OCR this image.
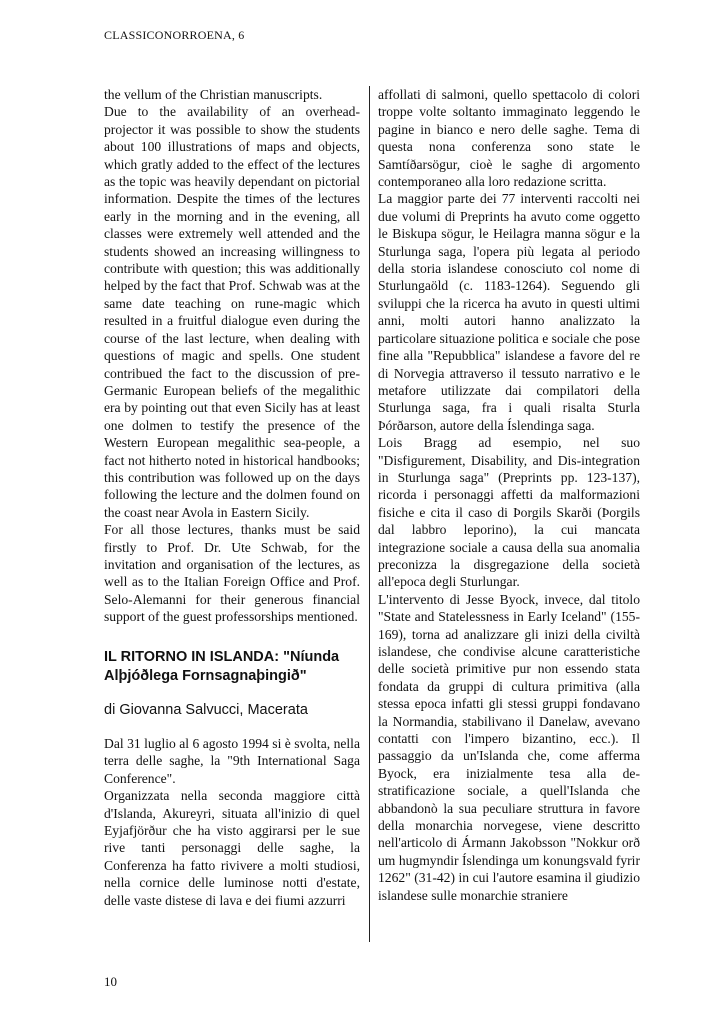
CLASSICONORROENA, 6

the vellum of the Christian manuscripts.

Due to the availability of an overhead-projector it was possible to show the students about 100 illustrations of maps and objects, which gratly added to the effect of the lectures as the topic was heavily dependant on pictorial information. Despite the times of the lectures early in the morning and in the evening, all classes were extremely well attended and the students showed an increasing willingness to contribute with question; this was additionally helped by the fact that Prof. Schwab was at the same date teaching on rune-magic which resulted in a fruitful dialogue even during the course of the last lecture, when dealing with questions of magic and spells. One student contribued the fact to the discussion of pre-Germanic European beliefs of the megalithic era by pointing out that even Sicily has at least one dolmen to testify the presence of the Western European megalithic sea-people, a fact not hitherto noted in historical handbooks; this contribution was followed up on the days following the lecture and the dolmen found on the coast near Avola in Eastern Sicily.

For all those lectures, thanks must be said firstly to Prof. Dr. Ute Schwab, for the invitation and organisation of the lectures, as well as to the Italian Foreign Office and Prof. Selo-Alemanni for their generous financial support of the guest professorships mentioned.

IL RITORNO IN ISLANDA: "Níunda Alþjóðlega Fornsagnaþingið"

di Giovanna Salvucci, Macerata

Dal 31 luglio al 6 agosto 1994 si è svolta, nella terra delle saghe, la "9th International Saga Conference".

Organizzata nella seconda maggiore città d'Islanda, Akureyri, situata all'inizio di quel Eyjafjörður che ha visto aggirarsi per le sue rive tanti personaggi delle saghe, la Conferenza ha fatto rivivere a molti studiosi, nella cornice delle luminose notti d'estate, delle vaste distese di lava e dei fiumi azzurri

affollati di salmoni, quello spettacolo di colori troppe volte soltanto immaginato leggendo le pagine in bianco e nero delle saghe. Tema di questa nona conferenza sono state le Samtíðarsögur, cioè le saghe di argomento contemporaneo alla loro redazione scritta.

La maggior parte dei 77 interventi raccolti nei due volumi di Preprints ha avuto come oggetto le Biskupa sögur, le Heilagra manna sögur e la Sturlunga saga, l'opera più legata al periodo della storia islandese conosciuto col nome di Sturlungaöld (c. 1183-1264). Seguendo gli sviluppi che la ricerca ha avuto in questi ultimi anni, molti autori hanno analizzato la particolare situazione politica e sociale che pose fine alla "Repubblica" islandese a favore del re di Norvegia attraverso il tessuto narrativo e le metafore utilizzate dai compilatori della Sturlunga saga, fra i quali risalta Sturla Þórðarson, autore della Íslendinga saga.

Lois Bragg ad esempio, nel suo "Disfigurement, Disability, and Dis-integration in Sturlunga saga" (Preprints pp. 123-137), ricorda i personaggi affetti da malformazioni fisiche e cita il caso di Þorgils Skarði (Þorgils dal labbro leporino), la cui mancata integrazione sociale a causa della sua anomalia preconizza la disgregazione della società all'epoca degli Sturlungar.

L'intervento di Jesse Byock, invece, dal titolo "State and Statelessness in Early Iceland" (155-169), torna ad analizzare gli inizi della civiltà islandese, che condivise alcune caratteristiche delle società primitive pur non essendo stata fondata da gruppi di cultura primitiva (alla stessa epoca infatti gli stessi gruppi fondavano la Normandia, stabilivano il Danelaw, avevano contatti con l'impero bizantino, ecc.). Il passaggio da un'Islanda che, come afferma Byock, era inizialmente tesa alla de-stratificazione sociale, a quell'Islanda che abbandonò la sua peculiare struttura in favore della monarchia norvegese, viene descritto nell'articolo di Ármann Jakobsson "Nokkur orð um hugmyndir Íslendinga um konungsvald fyrir 1262" (31-42) in cui l'autore esamina il giudizio islandese sulle monarchie straniere

10
